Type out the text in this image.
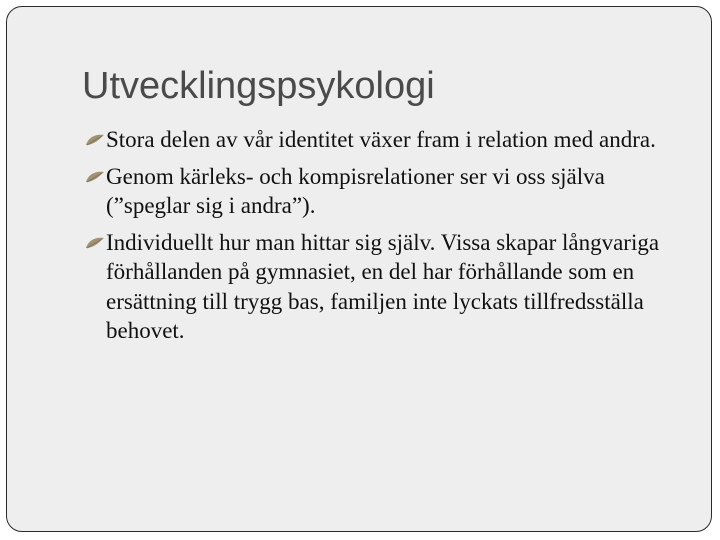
Utvecklingspsykologi
Stora delen av vår identitet växer fram i relation med andra.
Genom kärleks- och kompisrelationer ser vi oss själva (”speglar sig i andra”).
Individuellt hur man hittar sig själv. Vissa skapar långvariga förhållanden på gymnasiet, en del har förhållande som en ersättning till trygg bas, familjen inte lyckats tillfredsställa behovet.
